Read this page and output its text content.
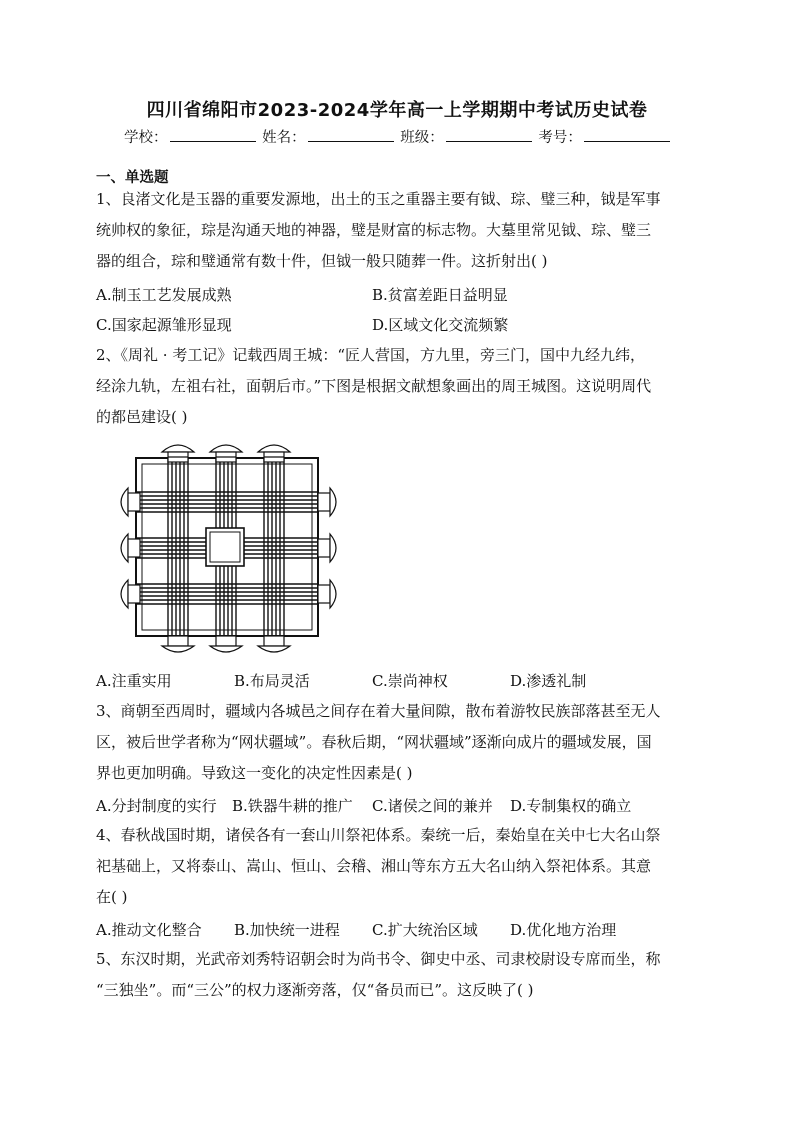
四川省绵阳市2023-2024学年高一上学期期中考试历史试卷
学校：	姓名：	班级：	考号：
一、单选题
1、良渚文化是玉器的重要发源地，出土的玉之重器主要有钺、琮、璧三种，钺是军事
统帅权的象征，琮是沟通天地的神器，璧是财富的标志物。大墓里常见钺、琮、璧三
器的组合，琮和璧通常有数十件，但钺一般只随葬一件。这折射出( )
A.制玉工艺发展成熟	B.贫富差距日益明显
C.国家起源雏形显现	D.区域文化交流频繁
2、《周礼 · 考工记》记载西周王城：“匠人营国，方九里，旁三门，国中九经九纬，
经涂九轨，左祖右社，面朝后市。”下图是根据文献想象画出的周王城图。这说明周代
的都邑建设( )
A.注重实用	B.布局灵活	C.崇尚神权	D.渗透礼制
3、商朝至西周时，疆域内各城邑之间存在着大量间隙，散布着游牧民族部落甚至无人
区，被后世学者称为“网状疆域”。春秋后期，“网状疆域”逐渐向成片的疆域发展，国
界也更加明确。导致这一变化的决定性因素是( )
A.分封制度的实行 B.铁器牛耕的推广 C.诸侯之间的兼并 D.专制集权的确立
4、春秋战国时期，诸侯各有一套山川祭祀体系。秦统一后，秦始皇在关中七大名山祭
祀基础上，又将泰山、嵩山、恒山、会稽、湘山等东方五大名山纳入祭祀体系。其意
在( )
A.推动文化整合 B.加快统一进程 C.扩大统治区域 D.优化地方治理
5、东汉时期，光武帝刘秀特诏朝会时为尚书令、御史中丞、司隶校尉设专席而坐，称
“三独坐”。而“三公”的权力逐渐旁落，仅“备员而已”。这反映了( )
